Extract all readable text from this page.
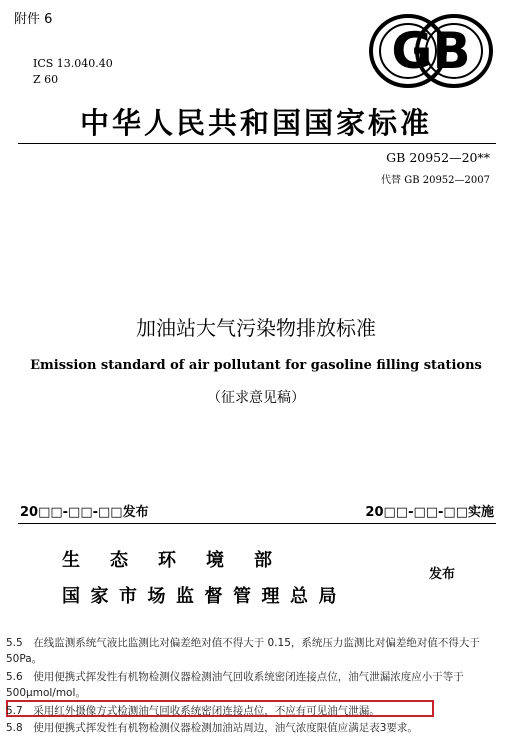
附件 6
ICS 13.040.40
Z 60	GB
中华人民共和国国家标准
GB 20952—20**
代替 GB 20952—2007
加油站大气污染物排放标准
Emission standard of air pollutant for gasoline filling stations
（征求意见稿）
20□□-□□-□□发布	20□□-□□-□□实施
生态环境部
国家市场监督管理总局
发布
5.5　在线监测系统气液比监测比对偏差绝对值不得大于 0.15，系统压力监测比对偏差绝对值不得大于 50Pa。
5.6　使用便携式挥发性有机物检测仪器检测油气回收系统密闭连接点位，油气泄漏浓度应小于等于 500μmol/mol。
5.7　采用红外摄像方式检测油气回收系统密闭连接点位，不应有可见油气泄漏。
5.8　使用便携式挥发性有机物检测仪器检测加油站周边，油气浓度限值应满足表3要求。
